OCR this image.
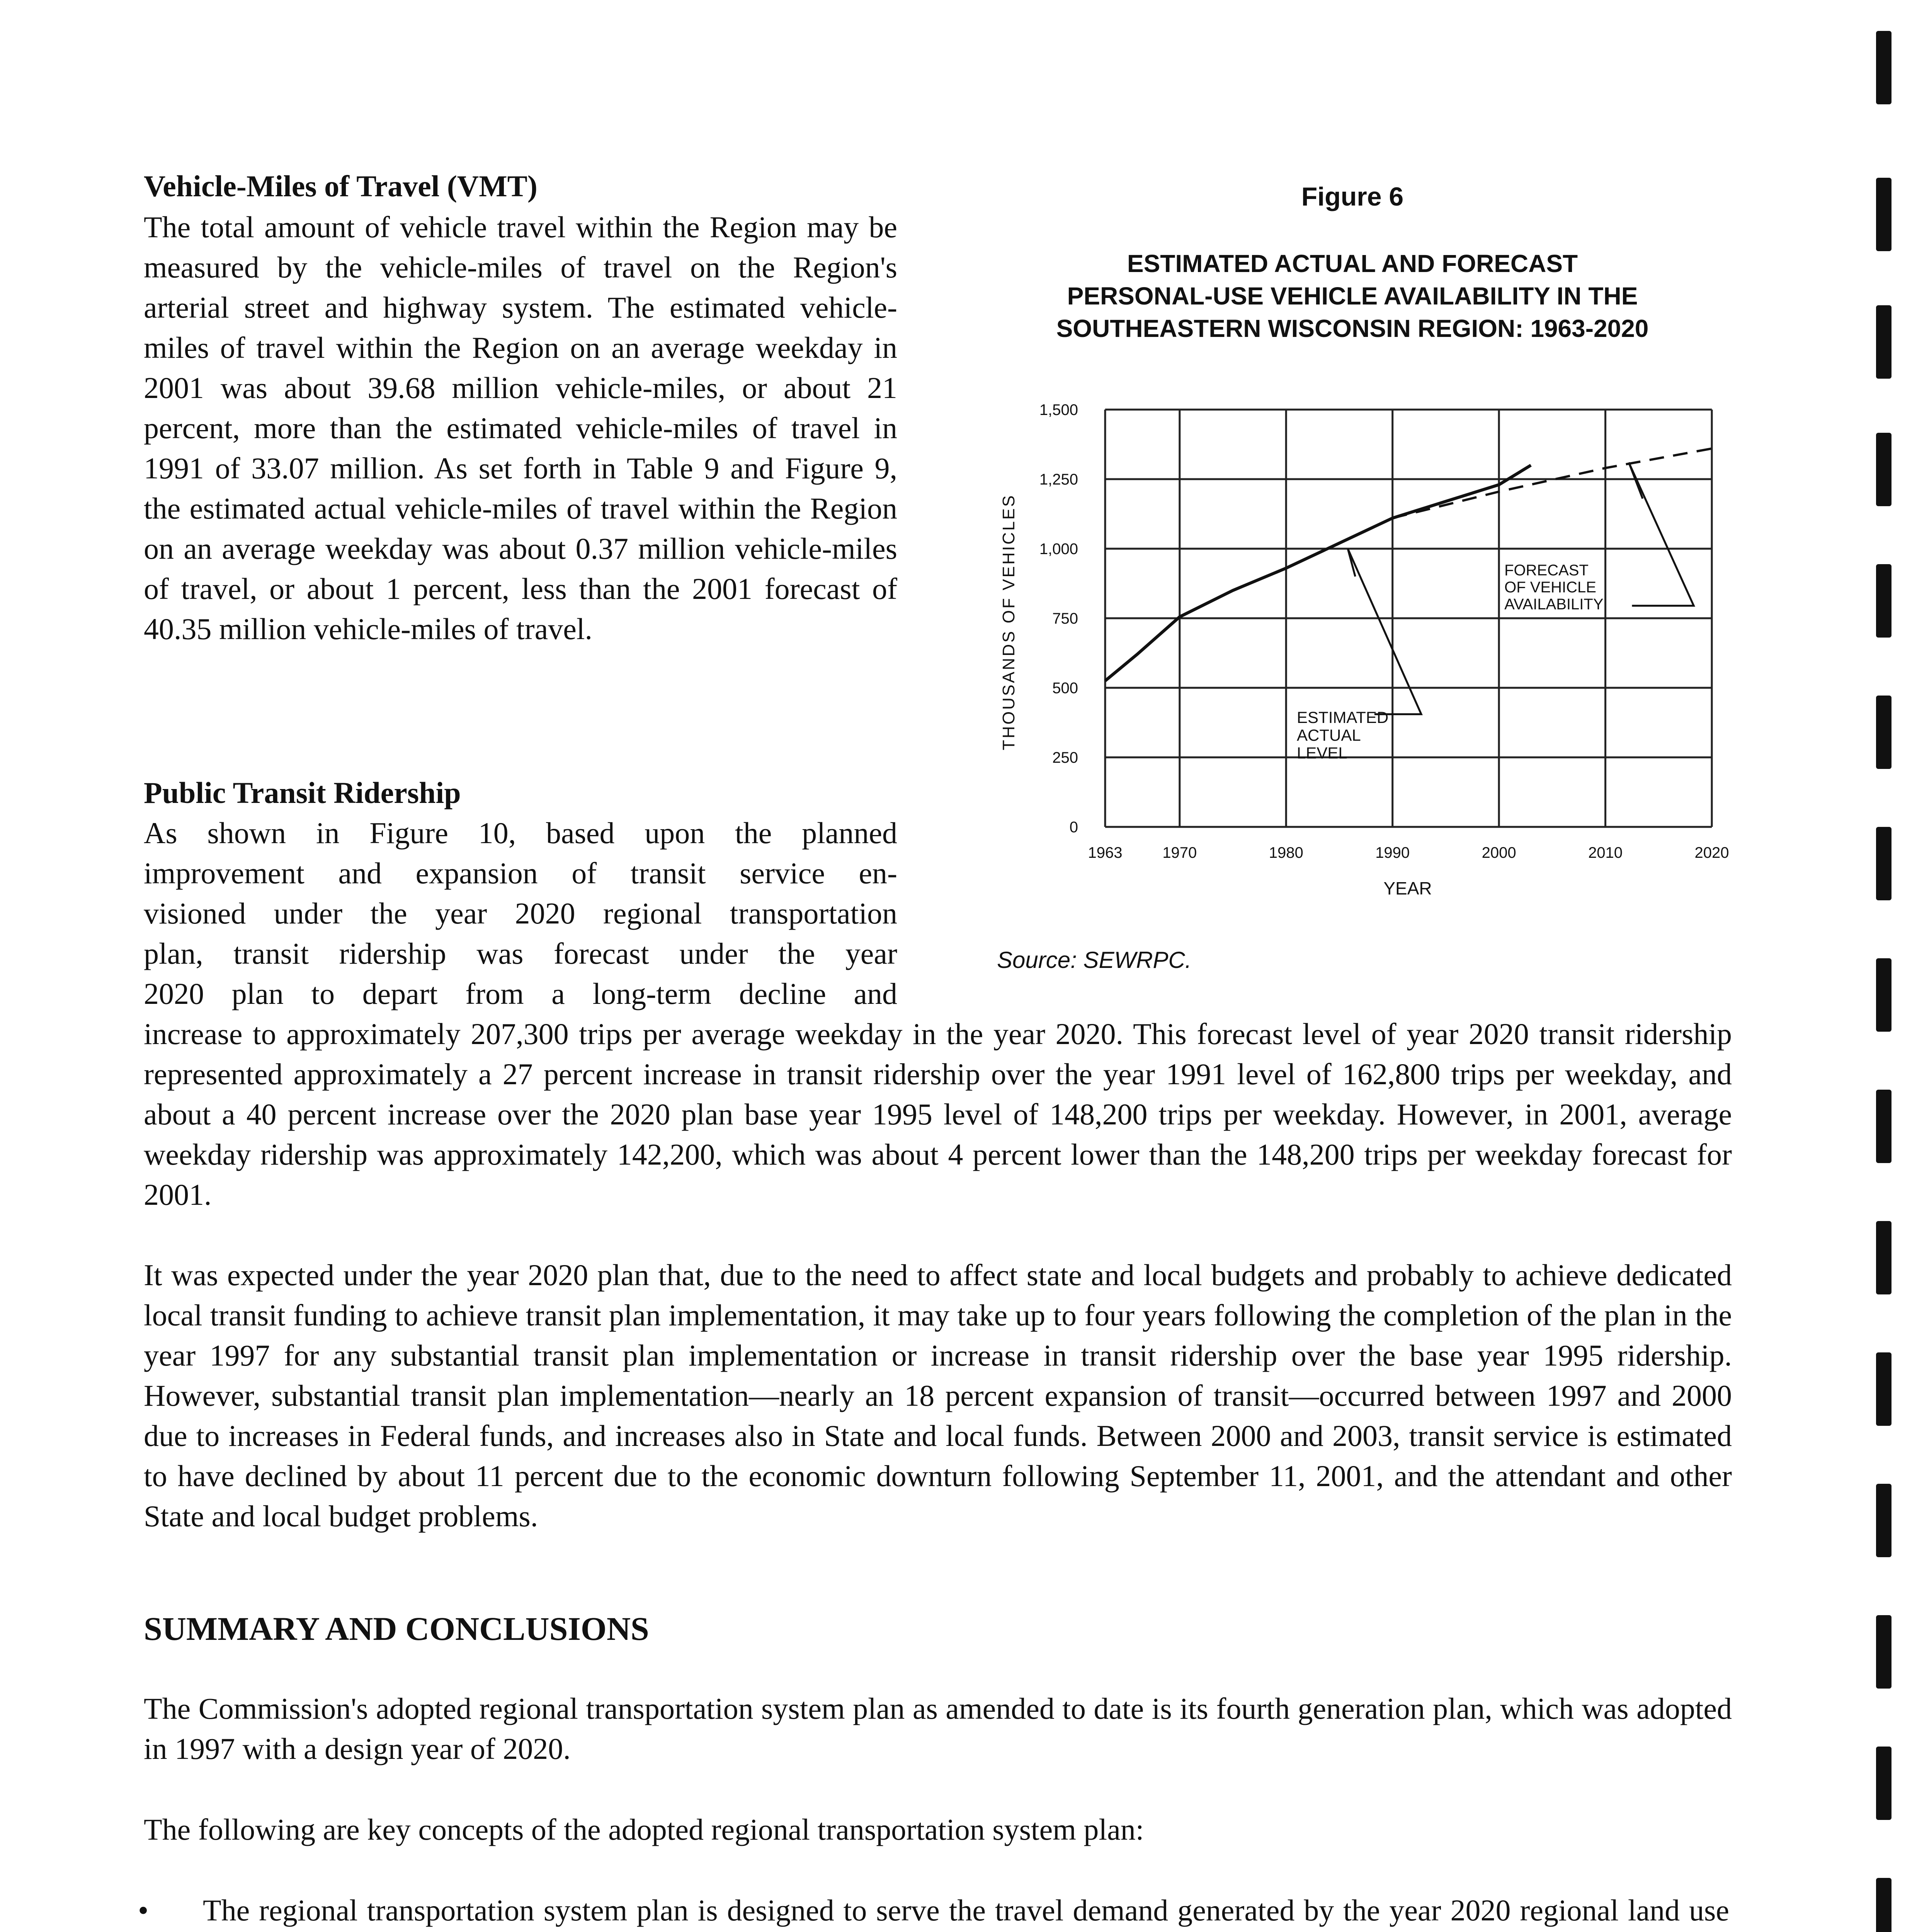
Vehicle-Miles of Travel (VMT)

The total amount of vehicle travel within the Region may be measured by the vehicle-miles of travel on the Region's arterial street and highway system. The estimated vehicle-miles of travel within the Region on an average weekday in 2001 was about 39.68 million vehicle-miles, or about 21 percent, more than the estimated vehicle-miles of travel in 1991 of 33.07 million. As set forth in Table 9 and Figure 9, the estimated actual vehicle-miles of travel within the Region on an average weekday was about 0.37 million vehicle-miles of travel, or about 1 percent, less than the 2001 forecast of 40.35 million vehicle-miles of travel.

Public Transit Ridership

As shown in Figure 10, based upon the planned
improvement and expansion of transit service en-
visioned under the year 2020 regional transportation
plan, transit ridership was forecast under the year
2020 plan to depart from a long-term decline and

increase to approximately 207,300 trips per average weekday in the year 2020. This forecast level of year 2020 transit ridership represented approximately a 27 percent increase in transit ridership over the year 1991 level of 162,800 trips per weekday, and about a 40 percent increase over the 2020 plan base year 1995 level of 148,200 trips per weekday. However, in 2001, average weekday ridership was approximately 142,200, which was about 4 percent lower than the 148,200 trips per weekday forecast for 2001.

It was expected under the year 2020 plan that, due to the need to affect state and local budgets and probably to achieve dedicated local transit funding to achieve transit plan implementation, it may take up to four years following the completion of the plan in the year 1997 for any substantial transit plan implementation or increase in transit ridership over the base year 1995 ridership. However, substantial transit plan implementation—nearly an 18 percent expansion of transit—occurred between 1997 and 2000 due to increases in Federal funds, and increases also in State and local funds. Between 2000 and 2003, transit service is estimated to have declined by about 11 percent due to the economic downturn following September 11, 2001, and the attendant and other State and local budget problems.

SUMMARY AND CONCLUSIONS

The Commission's adopted regional transportation system plan as amended to date is its fourth generation plan, which was adopted in 1997 with a design year of 2020.

The following are key concepts of the adopted regional transportation system plan:

• The regional transportation system plan is designed to serve the travel demand generated by the year 2020 regional land use

Figure 6

ESTIMATED ACTUAL AND FORECAST
PERSONAL-USE VEHICLE AVAILABILITY IN THE
SOUTHEASTERN WISCONSIN REGION: 1963-2020
0
250
500
750
1,000
1,250
1,500
1963	1970	1980	1990	2000	2010	2020
ESTIMATED
ACTUAL
LEVEL
FORECAST
OF VEHICLE
AVAILABILITY
THOUSANDS OF VEHICLES
YEAR

Source: SEWRPC.
